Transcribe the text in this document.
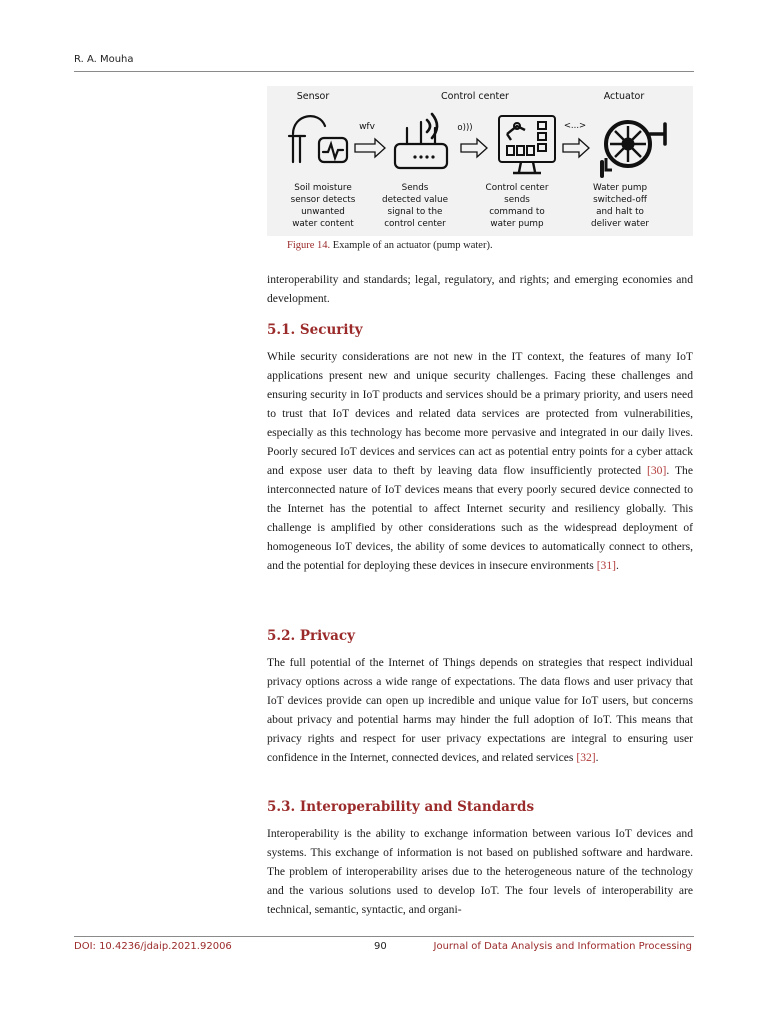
R. A. Mouha
Sensor	Control center	Actuator
wfv	o)))	<...>
Soil moisture
sensor detects
unwanted
water content
Sends
detected value
signal to the
control center
Control center
sends
command to
water pump
Water pump
switched-off
and halt to
deliver water
Figure 14. Example of an actuator (pump water).

interoperability and standards; legal, regulatory, and rights; and emerging economies and development.

5.1. Security

While security considerations are not new in the IT context, the features of many IoT applications present new and unique security challenges. Facing these challenges and ensuring security in IoT products and services should be a primary priority, and users need to trust that IoT devices and related data services are protected from vulnerabilities, especially as this technology has become more pervasive and integrated in our daily lives. Poorly secured IoT devices and services can act as potential entry points for a cyber attack and expose user data to theft by leaving data flow insufficiently protected [30]. The interconnected nature of IoT devices means that every poorly secured device connected to the Internet has the potential to affect Internet security and resiliency globally. This challenge is amplified by other considerations such as the widespread deployment of homogeneous IoT devices, the ability of some devices to automatically connect to others, and the potential for deploying these devices in insecure environments [31].

5.2. Privacy

The full potential of the Internet of Things depends on strategies that respect individual privacy options across a wide range of expectations. The data flows and user privacy that IoT devices provide can open up incredible and unique value for IoT users, but concerns about privacy and potential harms may hinder the full adoption of IoT. This means that privacy rights and respect for user privacy expectations are integral to ensuring user confidence in the Internet, connected devices, and related services [32].

5.3. Interoperability and Standards

Interoperability is the ability to exchange information between various IoT devices and systems. This exchange of information is not based on published software and hardware. The problem of interoperability arises due to the heterogeneous nature of the technology and the various solutions used to develop IoT. The four levels of interoperability are technical, semantic, syntactic, and organi-

DOI: 10.4236/jdaip.2021.92006	90	Journal of Data Analysis and Information Processing
